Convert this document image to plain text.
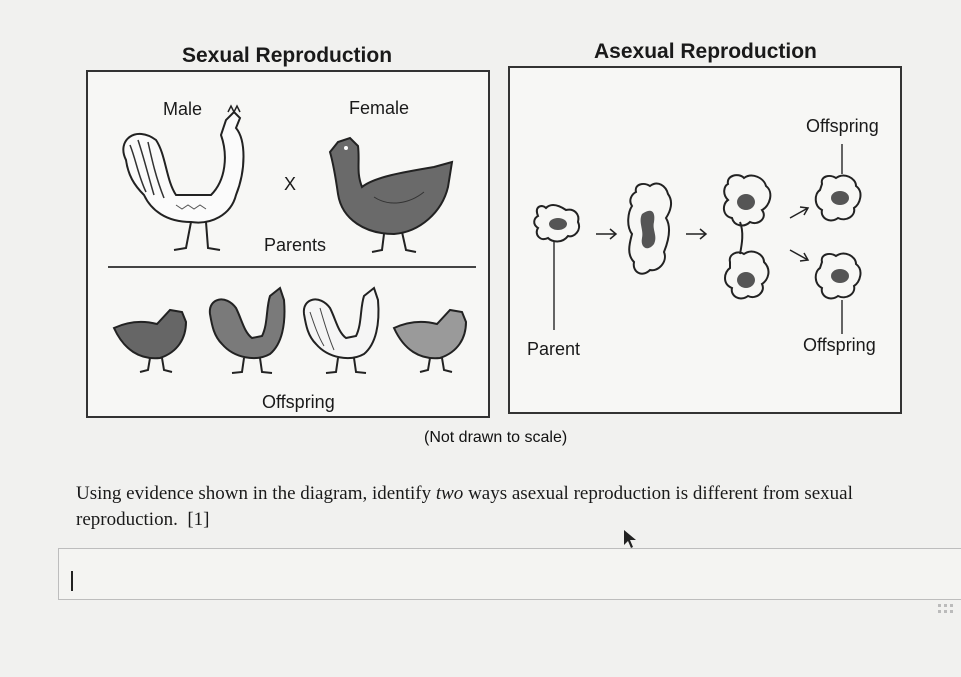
Sexual Reproduction	Asexual Reproduction
Male	Female
X
Parents
Offspring
Offspring
Parent	Offspring
(Not drawn to scale)
Using evidence shown in the diagram, identify two ways asexual reproduction is different from sexual reproduction. [1]
